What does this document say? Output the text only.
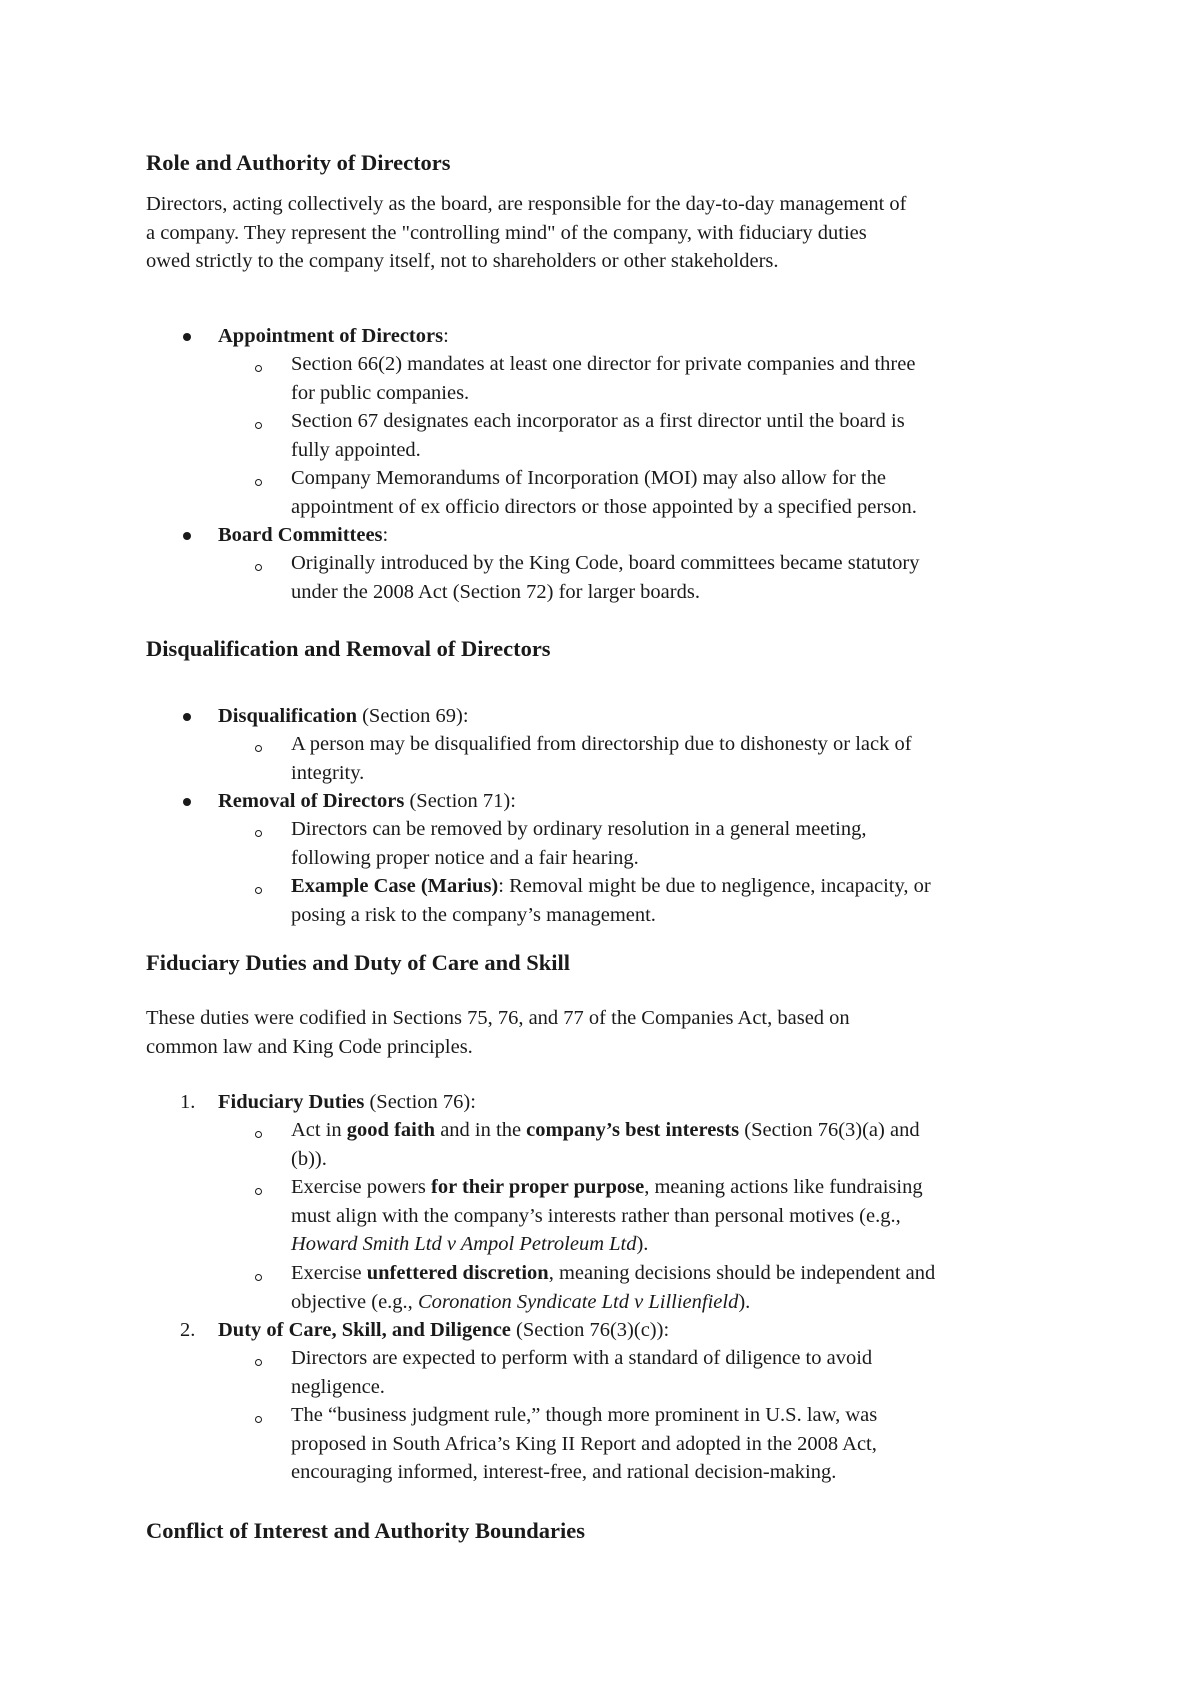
Role and Authority of Directors
Directors, acting collectively as the board, are responsible for the day-to-day management of
a company. They represent the "controlling mind" of the company, with fiduciary duties
owed strictly to the company itself, not to shareholders or other stakeholders.
Appointment of Directors:
Section 66(2) mandates at least one director for private companies and three
for public companies.
Section 67 designates each incorporator as a first director until the board is
fully appointed.
Company Memorandums of Incorporation (MOI) may also allow for the
appointment of ex officio directors or those appointed by a specified person.
Board Committees:
Originally introduced by the King Code, board committees became statutory
under the 2008 Act (Section 72) for larger boards.
Disqualification and Removal of Directors
Disqualification (Section 69):
A person may be disqualified from directorship due to dishonesty or lack of
integrity.
Removal of Directors (Section 71):
Directors can be removed by ordinary resolution in a general meeting,
following proper notice and a fair hearing.
Example Case (Marius): Removal might be due to negligence, incapacity, or
posing a risk to the company’s management.
Fiduciary Duties and Duty of Care and Skill
These duties were codified in Sections 75, 76, and 77 of the Companies Act, based on
common law and King Code principles.
1. Fiduciary Duties (Section 76):
Act in good faith and in the company’s best interests (Section 76(3)(a) and
(b)).
Exercise powers for their proper purpose, meaning actions like fundraising
must align with the company’s interests rather than personal motives (e.g.,
Howard Smith Ltd v Ampol Petroleum Ltd).
Exercise unfettered discretion, meaning decisions should be independent and
objective (e.g., Coronation Syndicate Ltd v Lillienfield).
2. Duty of Care, Skill, and Diligence (Section 76(3)(c)):
Directors are expected to perform with a standard of diligence to avoid
negligence.
The “business judgment rule,” though more prominent in U.S. law, was
proposed in South Africa’s King II Report and adopted in the 2008 Act,
encouraging informed, interest-free, and rational decision-making.
Conflict of Interest and Authority Boundaries
